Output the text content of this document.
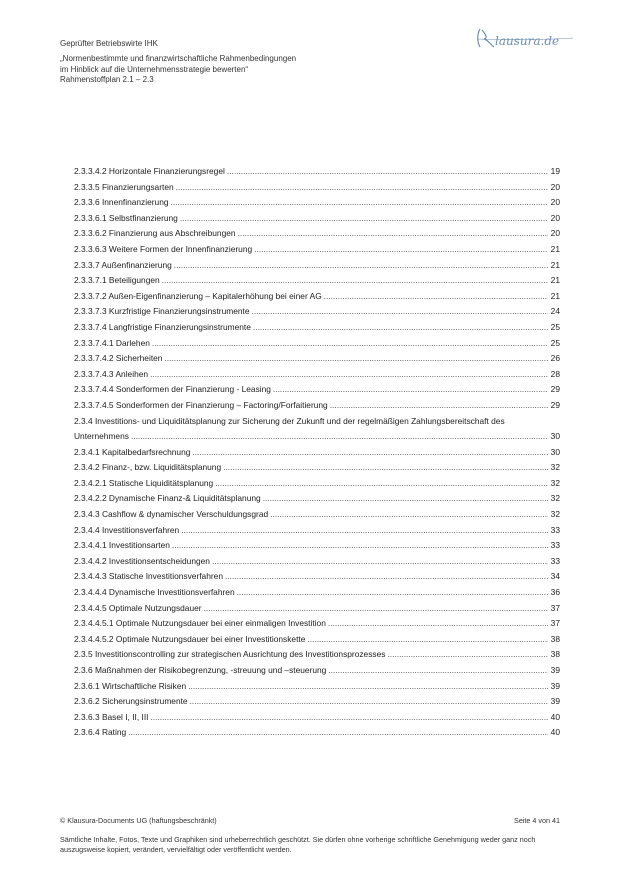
Geprüfter Betriebswirte IHK
„Normenbestimmte und finanzwirtschaftliche Rahmenbedingungen
im Hinblick auf die Unternehmensstrategie bewerten“
Rahmenstoffplan 2.1 – 2.3
lausura.de
2.3.3.4.2 Horizontale Finanzierungsregel .....	19
2.3.3.5 Finanzierungsarten .....	20
2.3.3.6 Innenfinanzierung .....	20
2.3.3.6.1 Selbstfinanzierung .....	20
2.3.3.6.2 Finanzierung aus Abschreibungen .....	20
2.3.3.6.3 Weitere Formen der Innenfinanzierung .....	21
2.3.3.7 Außenfinanzierung .....	21
2.3.3.7.1 Beteiligungen .....	21
2.3.3.7.2 Außen-Eigenfinanzierung – Kapitalerhöhung bei einer AG .....	21
2.3.3.7.3 Kurzfristige Finanzierungsinstrumente .....	24
2.3.3.7.4 Langfristige Finanzierungsinstrumente .....	25
2.3.3.7.4.1 Darlehen .....	25
2.3.3.7.4.2 Sicherheiten .....	26
2.3.3.7.4.3 Anleihen .....	28
2.3.3.7.4.4 Sonderformen der Finanzierung - Leasing .....	29
2.3.3.7.4.5 Sonderformen der Finanzierung – Factoring/Forfaitierung .....	29
2.3.4 Investitions- und Liquiditätsplanung zur Sicherung der Zukunft und der regelmäßigen Zahlungsbereitschaft des
Unternehmens .....	30
2.3.4.1 Kapitalbedarfsrechnung .....	30
2.3.4.2 Finanz-, bzw. Liquiditätsplanung .....	32
2.3.4.2.1 Statische Liquiditätsplanung .....	32
2.3.4.2.2 Dynamische Finanz-& Liquiditätsplanung .....	32
2.3.4.3 Cashflow & dynamischer Verschuldungsgrad .....	32
2.3.4.4 Investitionsverfahren .....	33
2.3.4.4.1 Investitionsarten .....	33
2.3.4.4.2 Investitionsentscheidungen .....	33
2.3.4.4.3 Statische Investitionsverfahren .....	34
2.3.4.4.4 Dynamische Investitionsverfahren .....	36
2.3.4.4.5 Optimale Nutzungsdauer .....	37
2.3.4.4.5.1 Optimale Nutzungsdauer bei einer einmaligen Investition .....	37
2.3.4.4.5.2 Optimale Nutzungsdauer bei einer Investitionskette .....	38
2.3.5 Investitionscontrolling zur strategischen Ausrichtung des Investitionsprozesses .....	38
2.3.6 Maßnahmen der Risikobegrenzung, -streuung und –steuerung .....	39
2.3.6.1 Wirtschaftliche Risiken .....	39
2.3.6.2 Sicherungsinstrumente .....	39
2.3.6.3 Basel I, II, III .....	40
2.3.6.4 Rating .....	40
© Klausura-Documents UG (haftungsbeschränkt)	Seite 4 von 41
Sämtliche Inhalte, Fotos, Texte und Graphiken sind urheberrechtlich geschützt. Sie dürfen ohne vorherige schriftliche Genehmigung weder ganz noch
auszugsweise kopiert, verändert, vervielfältigt oder veröffentlicht werden.
